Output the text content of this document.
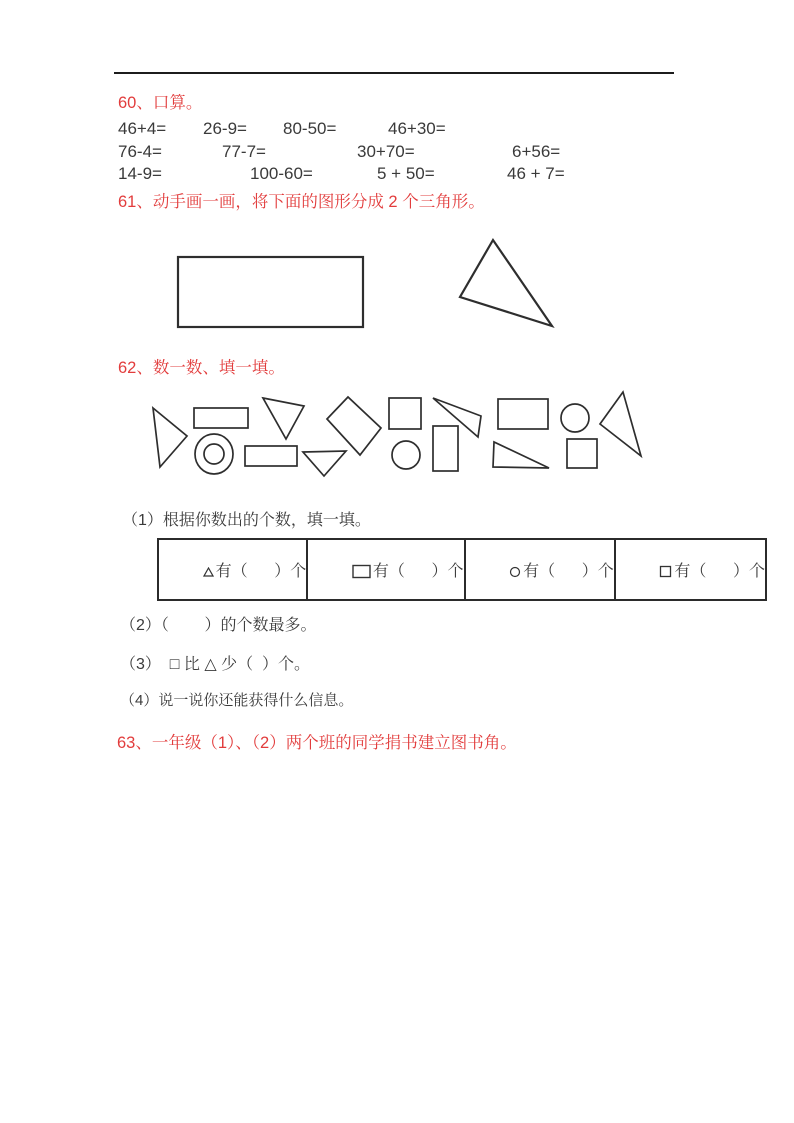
60、口算。
46+4= 26-9= 80-50=	46+30=
76-4=	77-7=	30+70=	6+56=
14-9=	100-60=	5 + 50=	46 + 7=
61、动手画一画，将下面的图形分成 2 个三角形。
62、数一数、填一填。
（1）根据你数出的个数，填一填。

有（      ）个	有（      ）个	有（      ）个	有（      ）个

（2）（        ）的个数最多。
（3）  □ 比 △ 少（  ）个。
（4）说一说你还能获得什么信息。
63、一年级（1）、（2）两个班的同学捐书建立图书角。
